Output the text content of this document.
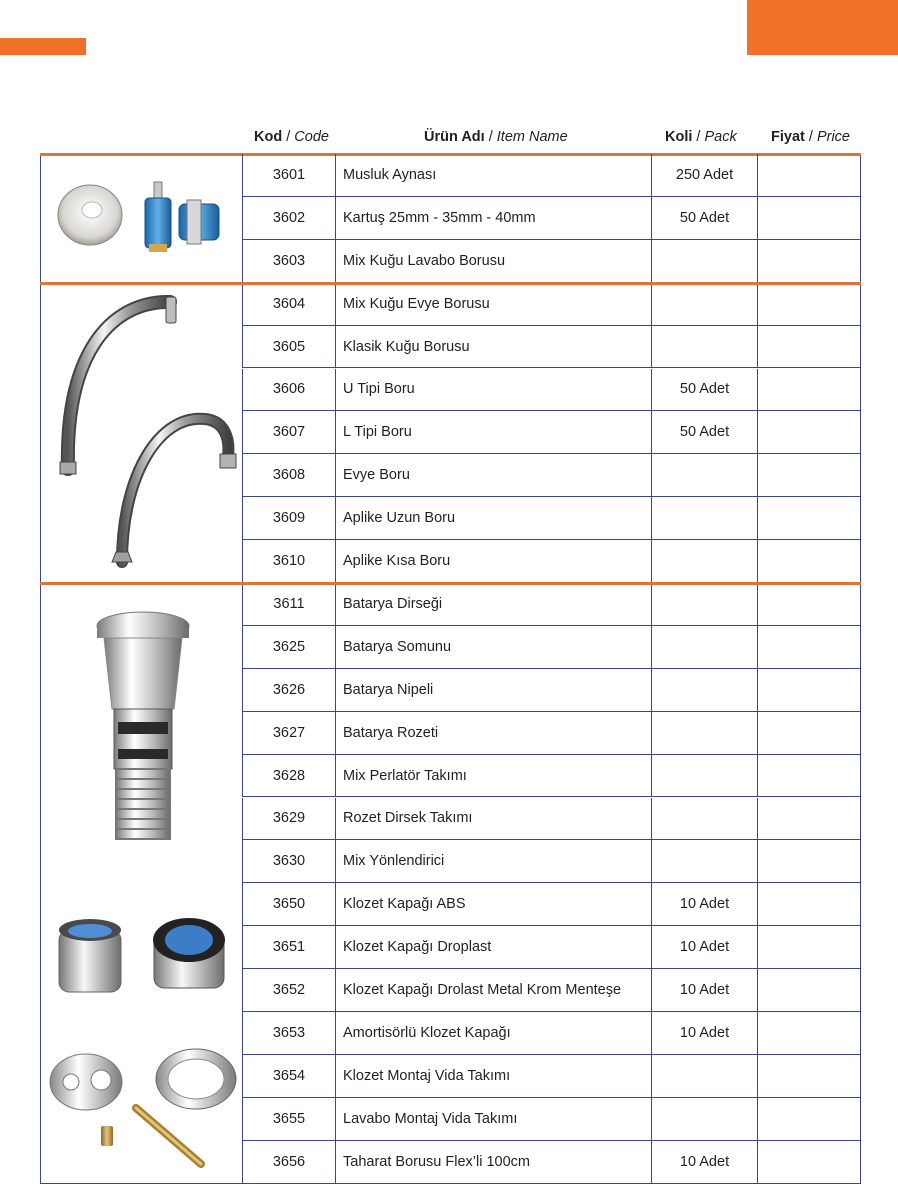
Kod / Code	Ürün Adı / Item Name	Koli / Pack Fiyat / Price
3601	Musluk Aynası	250 Adet
3602	Kartuş 25mm - 35mm - 40mm	50 Adet
3603	Mix Kuğu Lavabo Borusu
3604	Mix Kuğu Evye Borusu
3605	Klasik Kuğu Borusu
3606	U Tipi Boru	50 Adet
3607	L Tipi Boru	50 Adet
3608	Evye Boru
3609	Aplike Uzun Boru
3610	Aplike Kısa Boru
3611	Batarya Dirseği
3625	Batarya Somunu
3626	Batarya Nipeli
3627	Batarya Rozeti
3628	Mix Perlatör Takımı
3629	Rozet Dirsek Takımı
3630	Mix Yönlendirici
3650	Klozet Kapağı ABS	10 Adet
3651	Klozet Kapağı Droplast	10 Adet
3652	Klozet Kapağı Drolast Metal Krom Menteşe	10 Adet
3653	Amortisörlü Klozet Kapağı	10 Adet
3654	Klozet Montaj Vida Takımı
3655	Lavabo Montaj Vida Takımı
3656	Taharat Borusu Flex’li 100cm	10 Adet
